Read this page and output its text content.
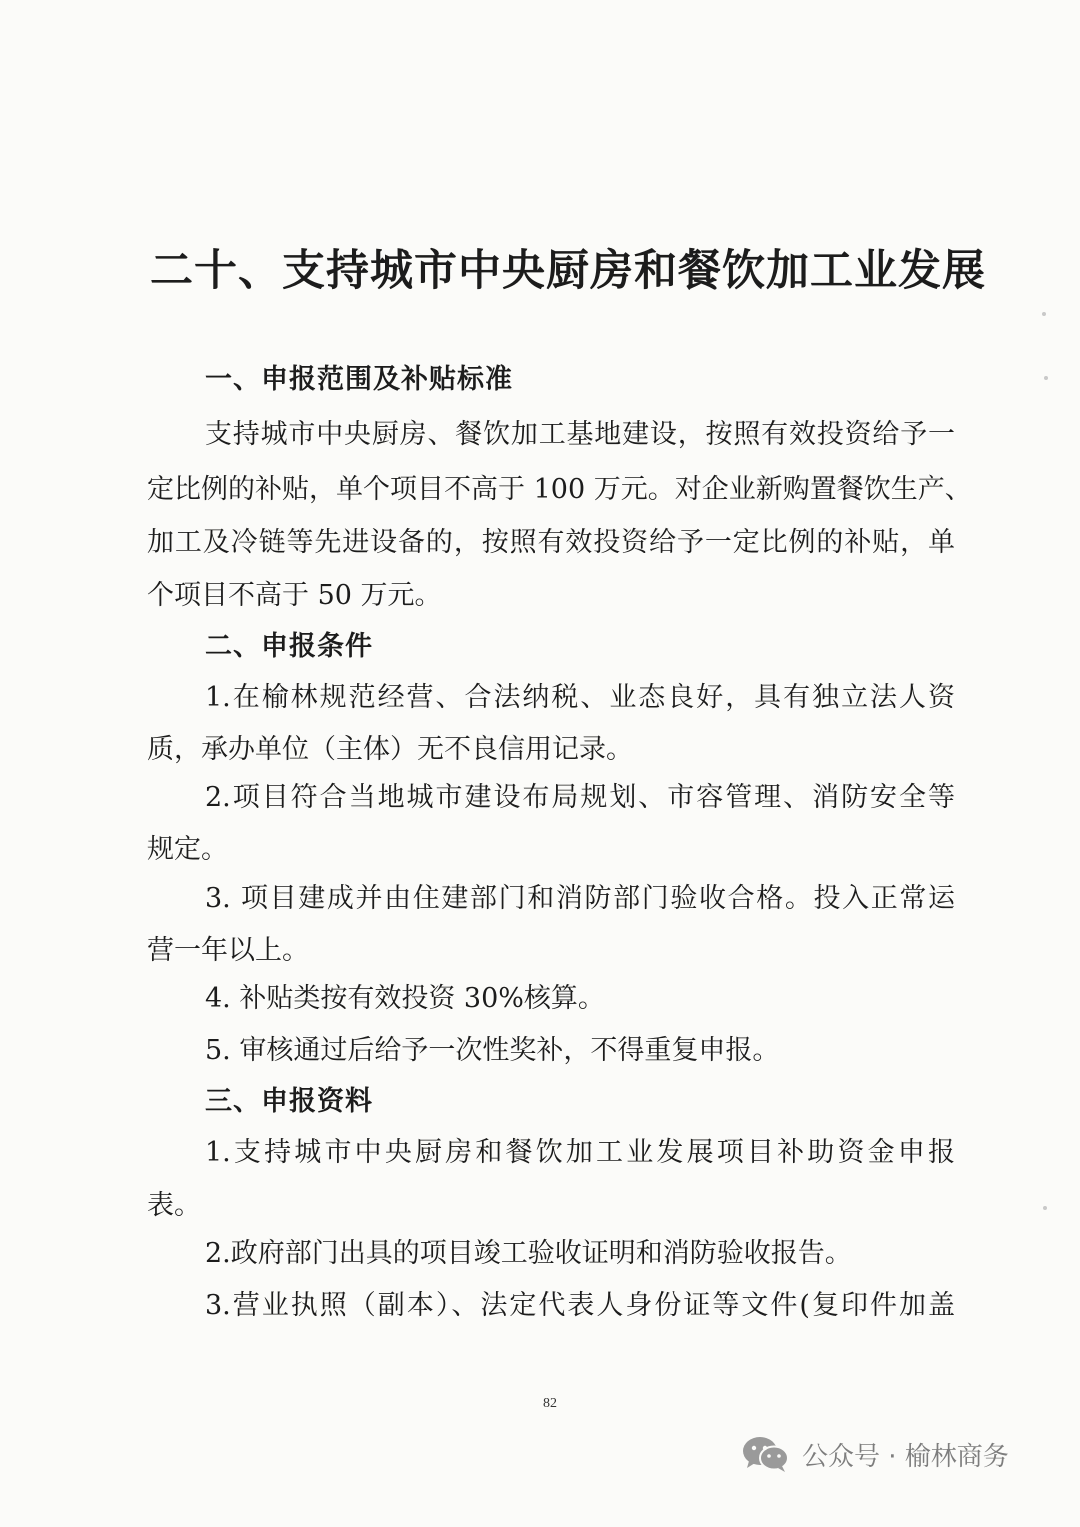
二十、支持城市中央厨房和餐饮加工业发展
一、申报范围及补贴标准
支持城市中央厨房、餐饮加工基地建设，按照有效投资给予一
定比例的补贴，单个项目不高于 100 万元。对企业新购置餐饮生产、
加工及冷链等先进设备的，按照有效投资给予一定比例的补贴，单
个项目不高于 50 万元。
二、申报条件
1.在榆林规范经营、合法纳税、业态良好，具有独立法人资
质，承办单位（主体）无不良信用记录。
2.项目符合当地城市建设布局规划、市容管理、消防安全等
规定。
3. 项目建成并由住建部门和消防部门验收合格。投入正常运
营一年以上。
4. 补贴类按有效投资 30%核算。
5. 审核通过后给予一次性奖补，不得重复申报。
三、申报资料
1.支持城市中央厨房和餐饮加工业发展项目补助资金申报
表。
2.政府部门出具的项目竣工验收证明和消防验收报告。
3.营业执照（副本）、法定代表人身份证等文件(复印件加盖
82
公众号 · 榆林商务
